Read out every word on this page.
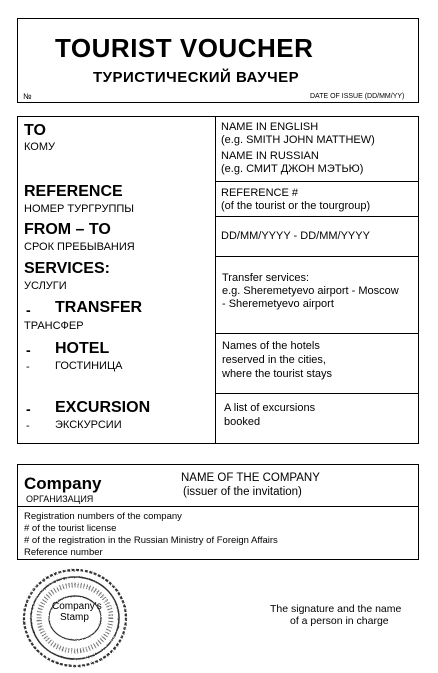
TOURIST VOUCHER
ТУРИСТИЧЕСКИЙ ВАУЧЕР
№	DATE OF ISSUE (DD/MM/YY)
TO
КОМУ
NAME IN ENGLISH
(e.g. SMITH JOHN MATTHEW)
NAME IN RUSSIAN
(e.g. СМИТ ДЖОН МЭТЬЮ)
REFERENCE
НОМЕР ТУРГРУППЫ
REFERENCE #
(of the tourist or the tourgroup)
FROM – TO
СРОК ПРЕБЫВАНИЯ
DD/MM/YYYY - DD/MM/YYYY
SERVICES:
УСЛУГИ
- TRANSFER
ТРАНСФЕР
Transfer services:
e.g. Sheremetyevo airport - Moscow
- Sheremetyevo airport
- HOTEL
- ГОСТИНИЦА
Names of the hotels
reserved in the cities,
where the tourist stays
- EXCURSION
- ЭКСКУРСИИ
A list of excursions
booked
Company
ОРГАНИЗАЦИЯ
NAME OF THE COMPANY
(issuer of the invitation)
Registration numbers of the company
# of the tourist license
# of the registration in the Russian Ministry of Foreign Affairs
Reference number
Company's
Stamp
The signature and the name
of a person in charge
